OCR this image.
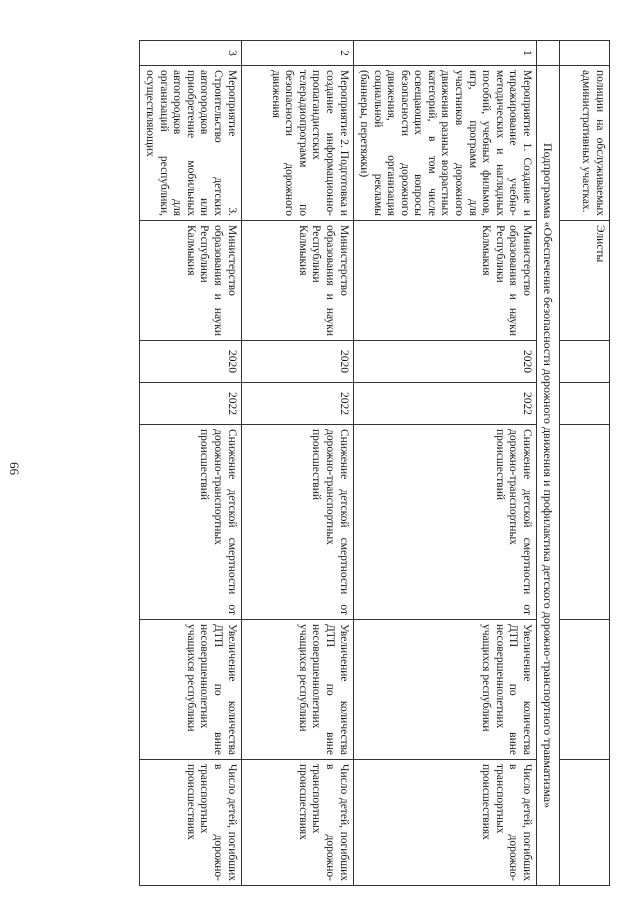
66
	полиции на обслуживаемых административных участках.	Элисты					
	Подпрограмма «Обеспечение безопасности дорожного движения и профилактика детского дорожно-транспортного травматизма»						
1	Мероприятие 1. Создание и тиражирование учебно-методических и наглядных пособий, учебных фильмов, игр, программ для участников дорожного движения разных возрастных категорий, в том числе освещающих вопросы безопасности дорожного движения, организация социальной рекламы (баннеры, перетяжки)	Министерство образования и науки Республики Калмыкия	2020	2022	Снижение детской смертности от дорожно-транспортных происшествий	Увеличение количества ДТП по вине несовершеннолетних учащихся республики	Число детей, погибших в дорожно-транспортных происшествиях
2	Мероприятие 2. Подготовка и создание информационно-пропагандистских телерадиопрограмм по безопасности дорожного движения	Министерство образования и науки Республики Калмыкия	2020	2022	Снижение детской смертности от дорожно-транспортных происшествий	Увеличение количества ДТП по вине несовершеннолетних учащихся республики	Число детей, погибших в дорожно-транспортных происшествиях
3	Мероприятие 3. Строительство детских автогородков или приобретение мобильных автогородков для организаций республики, осуществляющих	Министерство образования и науки Республики Калмыкия	2020	2022	Снижение детской смертности от дорожно-транспортных происшествий	Увеличение количества ДТП по вине несовершеннолетних учащихся республики	Число детей, погибших в дорожно-транспортных происшествиях
